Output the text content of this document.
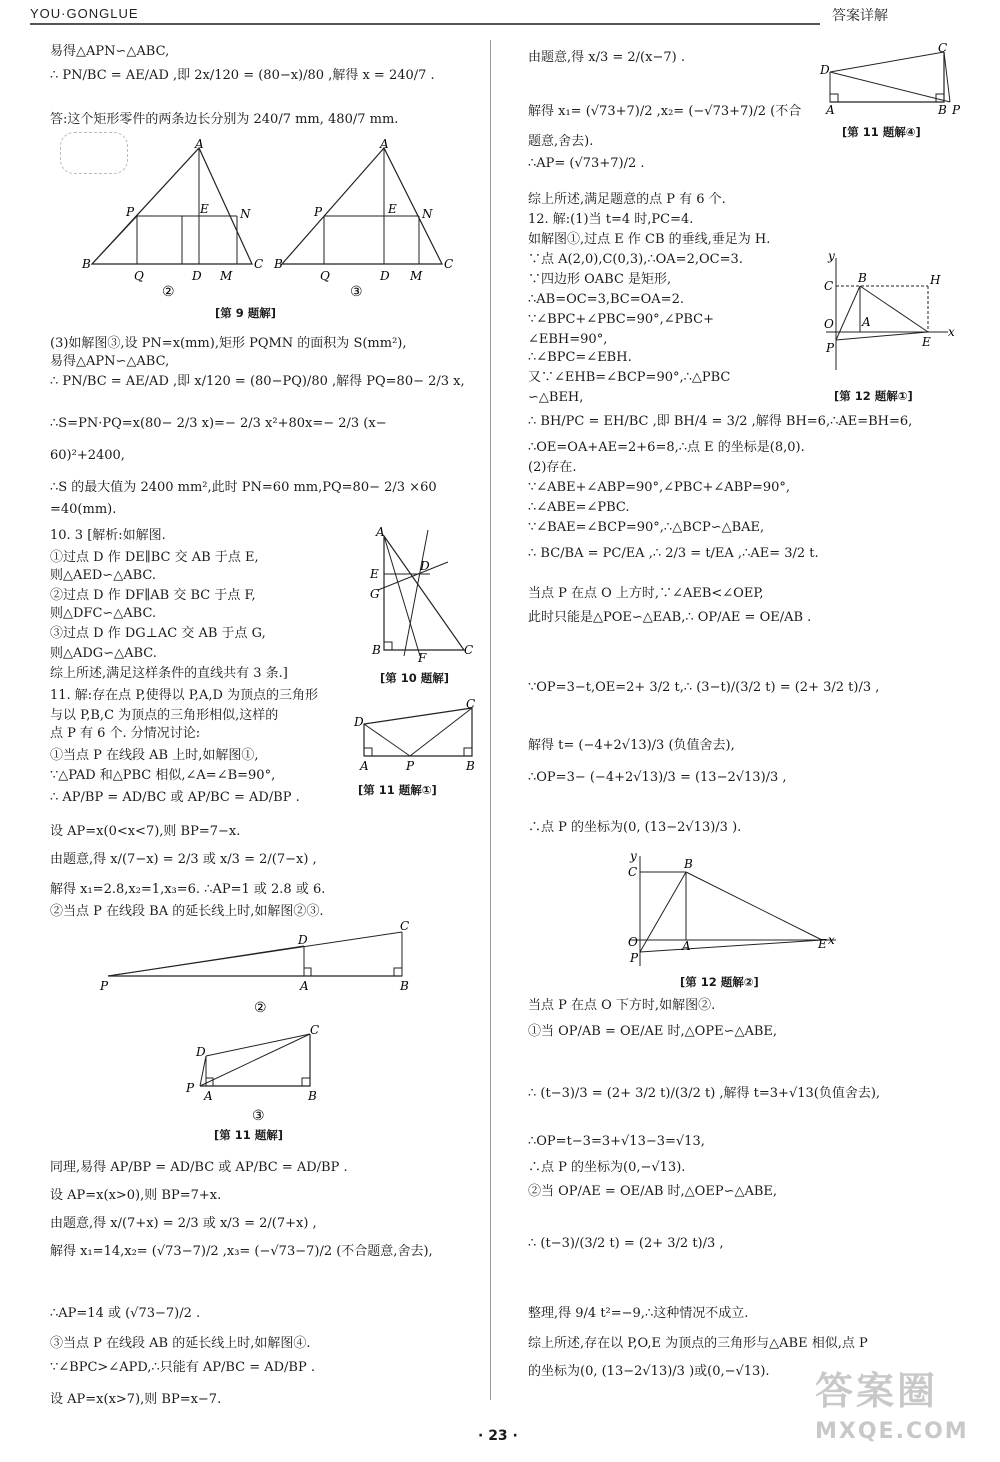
YOU·GONGLUE	答案详解
易得△APN∽△ABC,
∴ PN/BC = AE/AD ,即 2x/120 = (80−x)/80 ,解得 x = 240/7 .
答:这个矩形零件的两条边长分别为 240/7 mm, 480/7 mm.
(3)如解图③,设 PN=x(mm),矩形 PQMN 的面积为 S(mm²),
易得△APN∽△ABC,
∴ PN/BC = AE/AD ,即 x/120 = (80−PQ)/80 ,解得 PQ=80− 2/3 x,
∴S=PN·PQ=x(80− 2/3 x)=− 2/3 x²+80x=− 2/3 (x−
60)²+2400,
∴S 的最大值为 2400 mm²,此时 PN=60 mm,PQ=80− 2/3 ×60
=40(mm).
10. 3 [解析:如解图.
①过点 D 作 DE∥BC 交 AB 于点 E,
则△AED∽△ABC.
②过点 D 作 DF∥AB 交 BC 于点 F,
则△DFC∽△ABC.
③过点 D 作 DG⊥AC 交 AB 于点 G,
则△ADG∽△ABC.
综上所述,满足这样条件的直线共有 3 条.]
11. 解:存在点 P,使得以 P,A,D 为顶点的三角形
与以 P,B,C 为顶点的三角形相似,这样的
点 P 有 6 个. 分情况讨论:
①当点 P 在线段 AB 上时,如解图①,
∵△PAD 和△PBC 相似,∠A=∠B=90°,
∴ AP/BP = AD/BC 或 AP/BC = AD/BP .
设 AP=x(0<x<7),则 BP=7−x.
由题意,得 x/(7−x) = 2/3 或 x/3 = 2/(7−x) ,
解得 x₁=2.8,x₂=1,x₃=6. ∴AP=1 或 2.8 或 6.
②当点 P 在线段 BA 的延长线上时,如解图②③.
同理,易得 AP/BP = AD/BC 或 AP/BC = AD/BP .
设 AP=x(x>0),则 BP=7+x.
由题意,得 x/(7+x) = 2/3 或 x/3 = 2/(7+x) ,
解得 x₁=14,x₂= (√73−7)/2 ,x₃= (−√73−7)/2 (不合题意,舍去),
∴AP=14 或 (√73−7)/2 .
③当点 P 在线段 AB 的延长线上时,如解图④.
∵∠BPC>∠APD,∴只能有 AP/BC = AD/BP .
设 AP=x(x>7),则 BP=x−7.
由题意,得 x/3 = 2/(x−7) .
解得 x₁= (√73+7)/2 ,x₂= (−√73+7)/2 (不合
题意,舍去).
∴AP= (√73+7)/2 .
综上所述,满足题意的点 P 有 6 个.
12. 解:(1)当 t=4 时,PC=4.
如解图①,过点 E 作 CB 的垂线,垂足为 H.
∵点 A(2,0),C(0,3),∴OA=2,OC=3.
∵四边形 OABC 是矩形,
∴AB=OC=3,BC=OA=2.
∵∠BPC+∠PBC=90°,∠PBC+
∠EBH=90°,
∴∠BPC=∠EBH.
又∵∠EHB=∠BCP=90°,∴△PBC
∽△BEH,
∴ BH/PC = EH/BC ,即 BH/4 = 3/2 ,解得 BH=6,∴AE=BH=6,
∴OE=OA+AE=2+6=8,∴点 E 的坐标是(8,0).
(2)存在.
∵∠ABE+∠ABP=90°,∠PBC+∠ABP=90°,
∴∠ABE=∠PBC.
∵∠BAE=∠BCP=90°,∴△BCP∽△BAE,
∴ BC/BA = PC/EA ,∴ 2/3 = t/EA ,∴AE= 3/2 t.
当点 P 在点 O 上方时,∵∠AEB<∠OEP,
此时只能是△POE∽△EAB,∴ OP/AE = OE/AB .
∵OP=3−t,OE=2+ 3/2 t,∴ (3−t)/(3/2 t) = (2+ 3/2 t)/3 ,
解得 t= (−4+2√13)/3 (负值舍去),
∴OP=3− (−4+2√13)/3 = (13−2√13)/3 ,
∴点 P 的坐标为(0, (13−2√13)/3 ).
当点 P 在点 O 下方时,如解图②.
①当 OP/AB = OE/AE 时,△OPE∽△ABE,
∴ (t−3)/3 = (2+ 3/2 t)/(3/2 t) ,解得 t=3+√13(负值舍去),
∴OP=t−3=3+√13−3=√13,
∴点 P 的坐标为(0,−√13).
②当 OP/AE = OE/AB 时,△OEP∽△ABE,
∴ (t−3)/(3/2 t) = (2+ 3/2 t)/3 ,
整理,得 9/4 t²=−9,∴这种情况不成立.
综上所述,存在以 P,O,E 为顶点的三角形与△ABE 相似,点 P
的坐标为(0, (13−2√13)/3 )或(0,−√13).
A
P	E	N
B
Q	D M
C
②
A
P	E N
B
Q	D M
C
③
[第 9 题解]
A
E
D
G
B	C
F
[第 10 题解]
D
C
A	P	B
[第 11 题解①]
P
D
C
A	B
②
D
C
P
A	B
③
[第 11 题解]
D
C
A	B P
[第 11 题解④]
y
C
B	H
A
O
P	E
x
[第 12 题解①]
y
C
B
A
O
P
E x
[第 12 题解②]
· 23 ·
答案圈
MXQE.COM
